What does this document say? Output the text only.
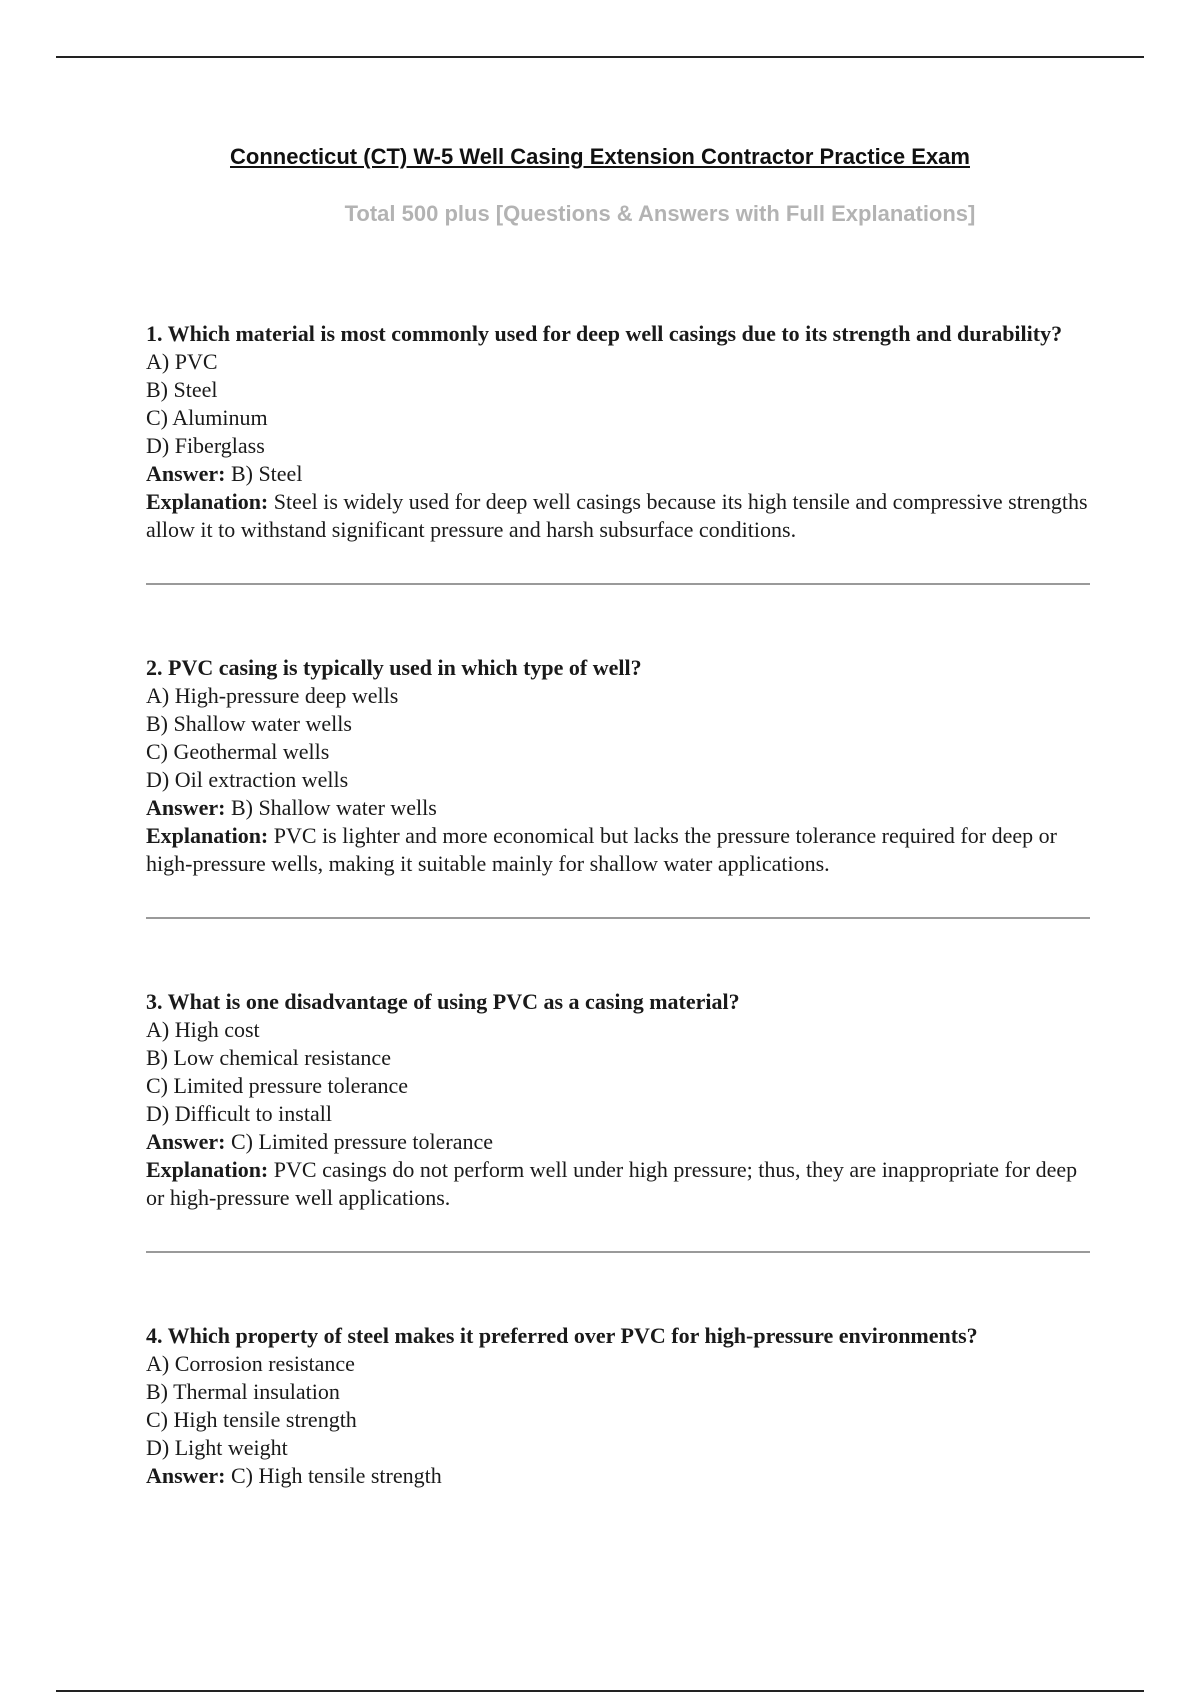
Connecticut (CT) W-5 Well Casing Extension Contractor Practice Exam
Total 500 plus [Questions & Answers with Full Explanations]

1. Which material is most commonly used for deep well casings due to its strength and durability?

A) PVC
B) Steel
C) Aluminum
D) Fiberglass

Answer: B) Steel

Explanation: Steel is widely used for deep well casings because its high tensile and compressive strengths allow it to withstand significant pressure and harsh subsurface conditions.

2. PVC casing is typically used in which type of well?

A) High-pressure deep wells
B) Shallow water wells
C) Geothermal wells
D) Oil extraction wells

Answer: B) Shallow water wells

Explanation: PVC is lighter and more economical but lacks the pressure tolerance required for deep or high-pressure wells, making it suitable mainly for shallow water applications.

3. What is one disadvantage of using PVC as a casing material?

A) High cost
B) Low chemical resistance
C) Limited pressure tolerance
D) Difficult to install

Answer: C) Limited pressure tolerance

Explanation: PVC casings do not perform well under high pressure; thus, they are inappropriate for deep or high-pressure well applications.

4. Which property of steel makes it preferred over PVC for high-pressure environments?

A) Corrosion resistance
B) Thermal insulation
C) High tensile strength
D) Light weight

Answer: C) High tensile strength
